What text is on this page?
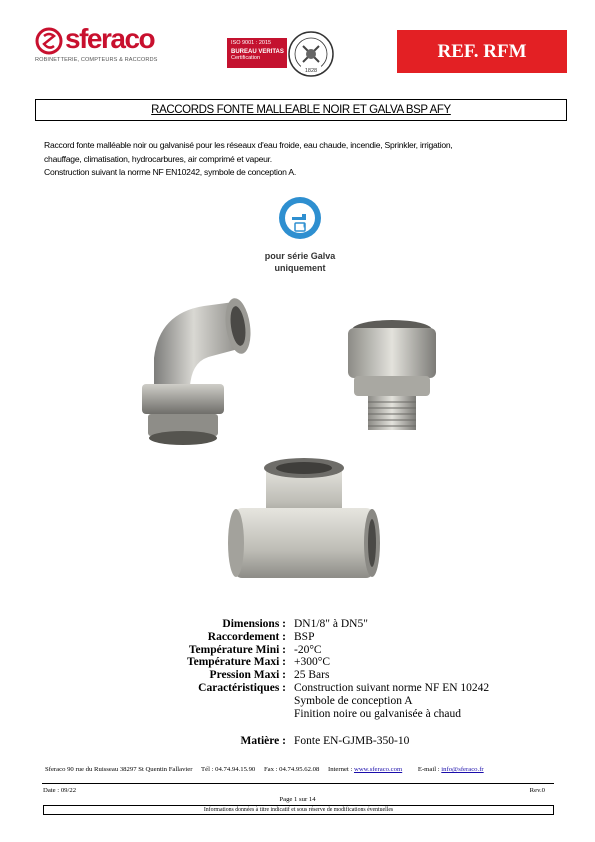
sferaco
ROBINETTERIE, COMPTEURS & RACCORDS
ISO 9001 : 2015
BUREAU VERITAS
Certification
1828
REF. RFM
RACCORDS FONTE MALLEABLE NOIR ET GALVA BSP AFY

Raccord fonte malléable noir ou galvanisé pour les réseaux d'eau froide, eau chaude, incendie, Sprinkler, irrigation,

chauffage, climatisation, hydrocarbures, air comprimé et vapeur.

Construction suivant la norme NF EN10242, symbole de conception A.

pour série Galva
uniquement
Dimensions : DN1/8" à DN5"
Raccordement : BSP
Température Mini : -20°C
Température Maxi : +300°C
Pression Maxi : 25 Bars
Caractéristiques : Construction suivant norme NF EN 10242
Symbole de conception A
Finition noire ou galvanisée à chaud
Matière : Fonte EN-GJMB-350-10
Sferaco 90 rue du Ruisseau 38297 St Quentin Fallavier Tél : 04.74.94.15.90 Fax : 04.74.95.62.08 Internet : www.sferaco.com E-mail : info@sferaco.fr
Date : 09/22	Rev.0
Page 1 sur 14
Informations données à titre indicatif et sous réserve de modifications éventuelles
